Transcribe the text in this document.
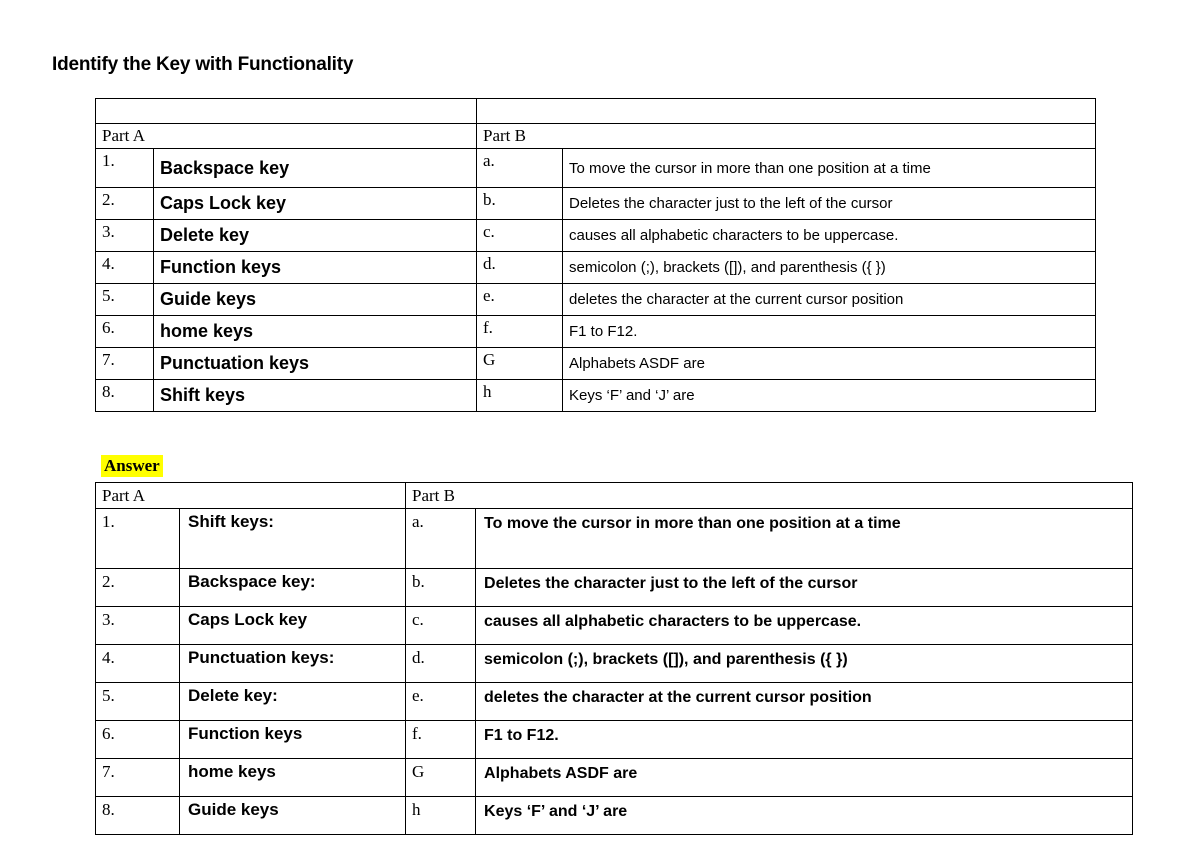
Identify the Key with Functionality

Part A		Part B	
1.	Backspace key	a.	To move the cursor in more than one position at a time
2.	Caps Lock key	b.	Deletes the character just to the left of the cursor
3.	Delete key	c.	causes all alphabetic characters to be uppercase.
4.	Function keys	d.	semicolon (;), brackets ([]), and parenthesis ({ })
5.	Guide keys	e.	deletes the character at the current cursor position
6.	home keys	f.	F1 to F12.
7.	Punctuation keys	G	Alphabets ASDF are
8.	Shift keys	h	Keys ‘F’ and ‘J’ are
Answer
Part A		Part B	
1.	Shift keys:	a.	To move the cursor in more than one position at a time
2.	Backspace key:	b.	Deletes the character just to the left of the cursor
3.	Caps Lock key	c.	causes all alphabetic characters to be uppercase.
4.	Punctuation keys:	d.	semicolon (;), brackets ([]), and parenthesis ({ })
5.	Delete key:	e.	deletes the character at the current cursor position
6.	Function keys	f.	F1 to F12.
7.	home keys	G	Alphabets ASDF are
8.	Guide keys	h	Keys ‘F’ and ‘J’ are
